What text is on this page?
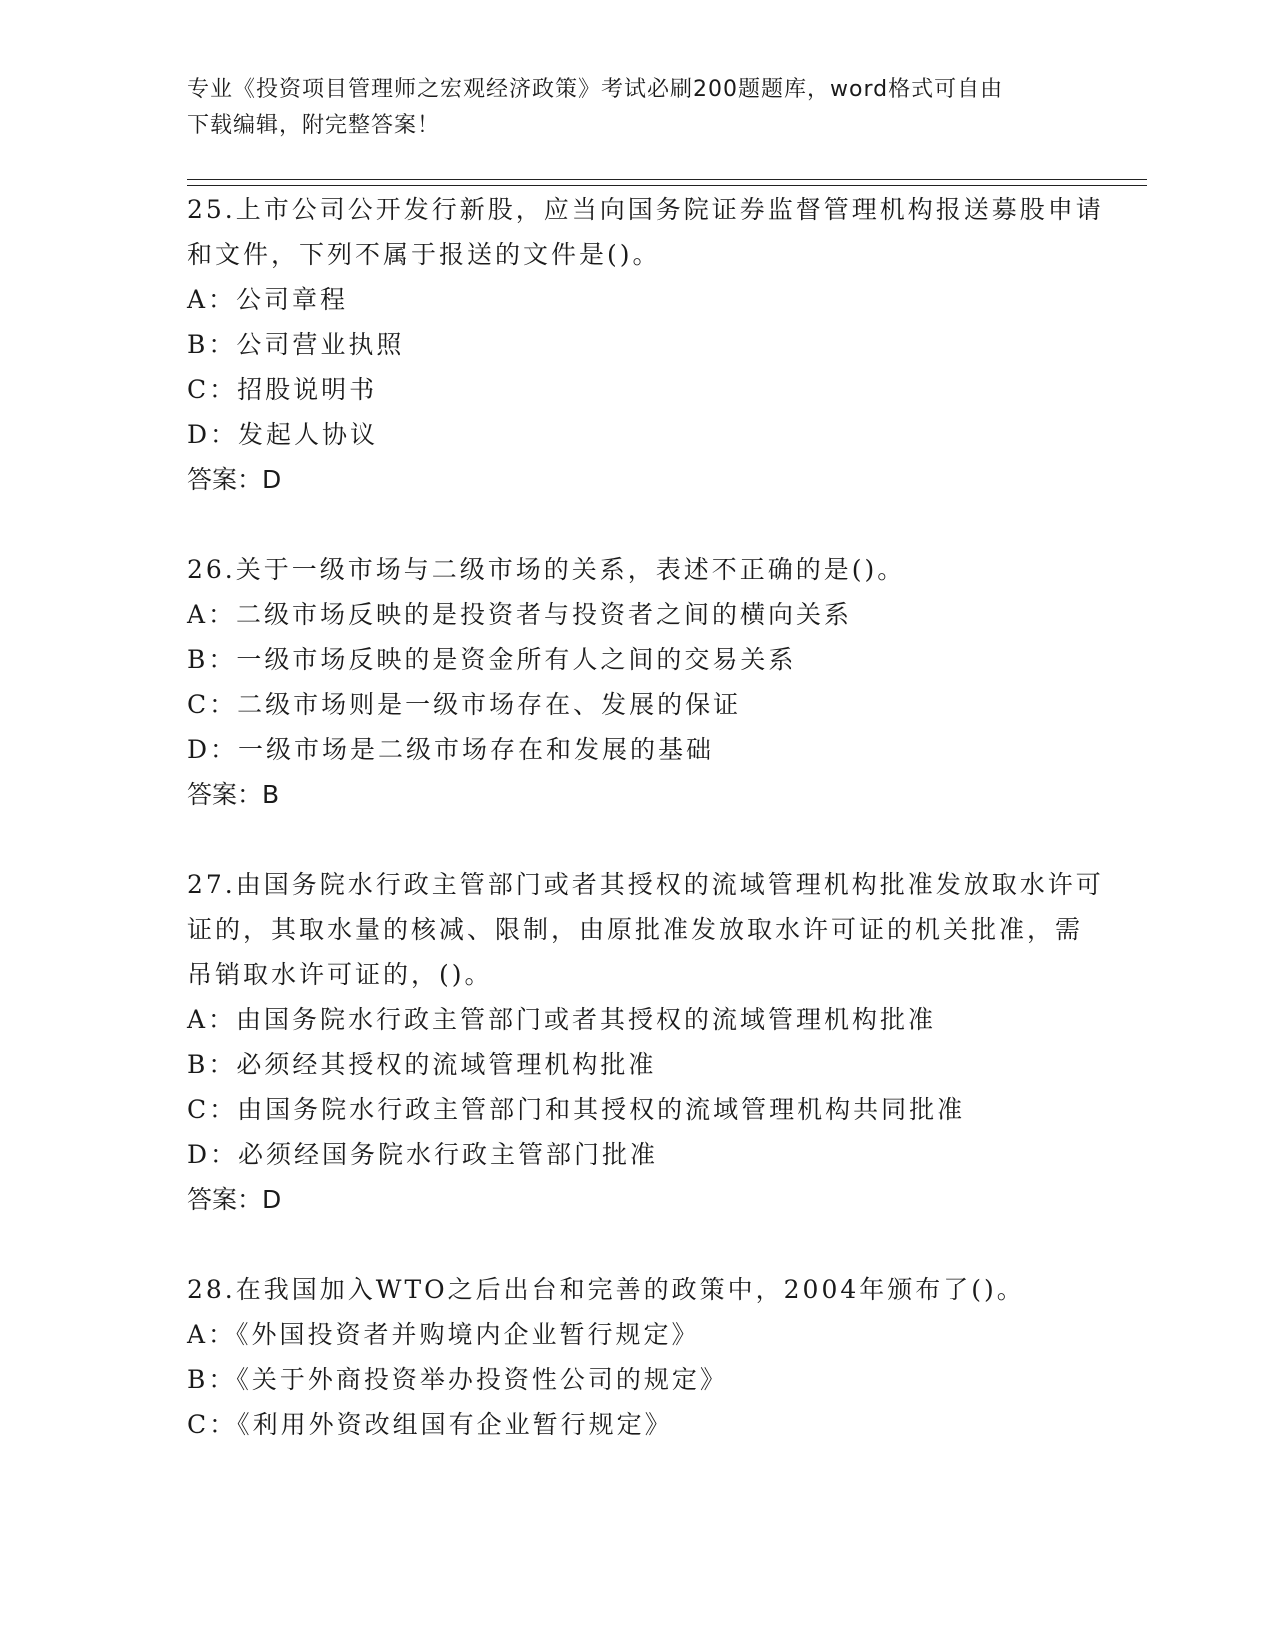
专业《投资项目管理师之宏观经济政策》考试必刷200题题库，word格式可自由
下载编辑，附完整答案！

25.上市公司公开发行新股，应当向国务院证券监督管理机构报送募股申请和文件，下列不属于报送的文件是()。

A：公司章程

B：公司营业执照

C：招股说明书

D：发起人协议

答案：D

26.关于一级市场与二级市场的关系，表述不正确的是()。

A：二级市场反映的是投资者与投资者之间的横向关系

B：一级市场反映的是资金所有人之间的交易关系

C：二级市场则是一级市场存在、发展的保证

D：一级市场是二级市场存在和发展的基础

答案：B

27.由国务院水行政主管部门或者其授权的流域管理机构批准发放取水许可证的，其取水量的核减、限制，由原批准发放取水许可证的机关批准，需吊销取水许可证的，()。

A：由国务院水行政主管部门或者其授权的流域管理机构批准

B：必须经其授权的流域管理机构批准

C：由国务院水行政主管部门和其授权的流域管理机构共同批准

D：必须经国务院水行政主管部门批准

答案：D

28.在我国加入WTO之后出台和完善的政策中，2004年颁布了()。

A：《外国投资者并购境内企业暂行规定》

B：《关于外商投资举办投资性公司的规定》

C：《利用外资改组国有企业暂行规定》
